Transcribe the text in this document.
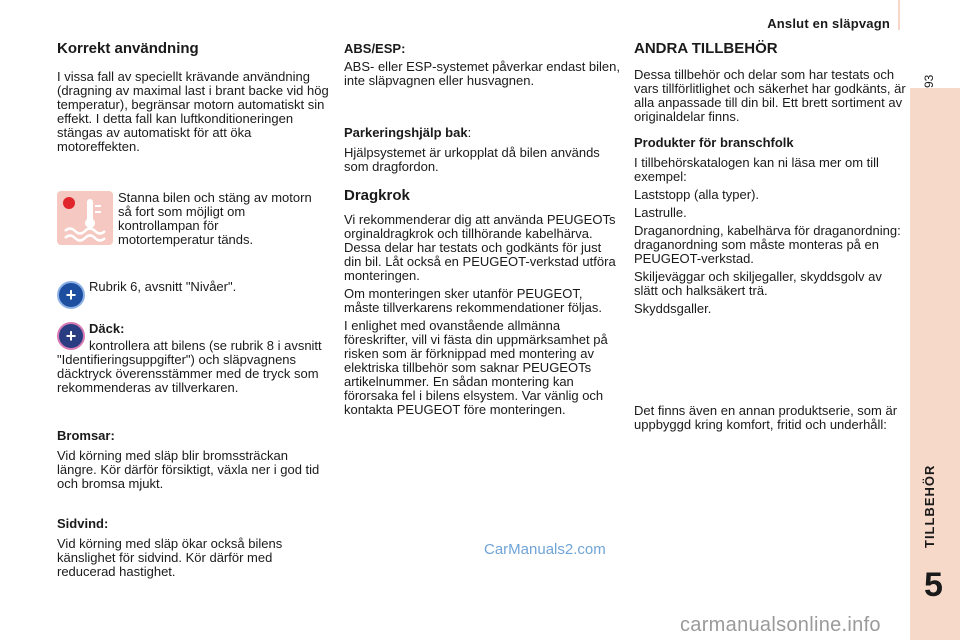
Anslut en släpvagn
93
TILLBEHÖR
5

Korrekt användning

I vissa fall av speciellt krävande användning (dragning av maximal last i brant backe vid hög temperatur), begränsar motorn automatiskt sin effekt. I detta fall kan luftkonditioneringen stängas av automatiskt för att öka motoreffekten.

Stanna bilen och stäng av motorn så fort som möjligt om kontrollampan för motortemperatur tänds.

+ Rubrik 6, avsnitt "Nivåer".

+ Däck:

kontrollera att bilens (se rubrik 8 i avsnitt "Identifieringsuppgifter") och släpvagnens däcktryck överensstämmer med de tryck som rekommenderas av tillverkaren.

Bromsar:

Vid körning med släp blir bromssträckan längre. Kör därför försiktigt, växla ner i god tid och bromsa mjukt.

Sidvind:

Vid körning med släp ökar också bilens känslighet för sidvind. Kör därför med reducerad hastighet.

ABS/ESP:

ABS- eller ESP-systemet påverkar endast bilen, inte släpvagnen eller husvagnen.

Parkeringshjälp bak:

Hjälpsystemet är urkopplat då bilen används som dragfordon.

Dragkrok

Vi rekommenderar dig att använda PEUGEOTs orginaldragkrok och tillhörande kabelhärva. Dessa delar har testats och godkänts för just din bil. Låt också en PEUGEOT-verkstad utföra monteringen.

Om monteringen sker utanför PEUGEOT, måste tillverkarens rekommendationer följas.

I enlighet med ovanstående allmänna föreskrifter, vill vi fästa din uppmärksamhet på risken som är förknippad med montering av elektriska tillbehör som saknar PEUGEOTs artikelnummer. En sådan montering kan förorsaka fel i bilens elsystem. Var vänlig och kontakta PEUGEOT före monteringen.

ANDRA TILLBEHÖR

Dessa tillbehör och delar som har testats och vars tillförlitlighet och säkerhet har godkänts, är alla anpassade till din bil. Ett brett sortiment av originaldelar finns.

Produkter för branschfolk

I tillbehörskatalogen kan ni läsa mer om till exempel:

Laststopp (alla typer).

Lastrulle.

Draganordning, kabelhärva för draganordning: draganordning som måste monteras på en PEUGEOT-verkstad.

Skiljeväggar och skiljegaller, skyddsgolv av slätt och halksäkert trä.

Skyddsgaller.

Det finns även en annan produktserie, som är uppbyggd kring komfort, fritid och underhåll:

CarManuals2.com
carmanualsonline.info
